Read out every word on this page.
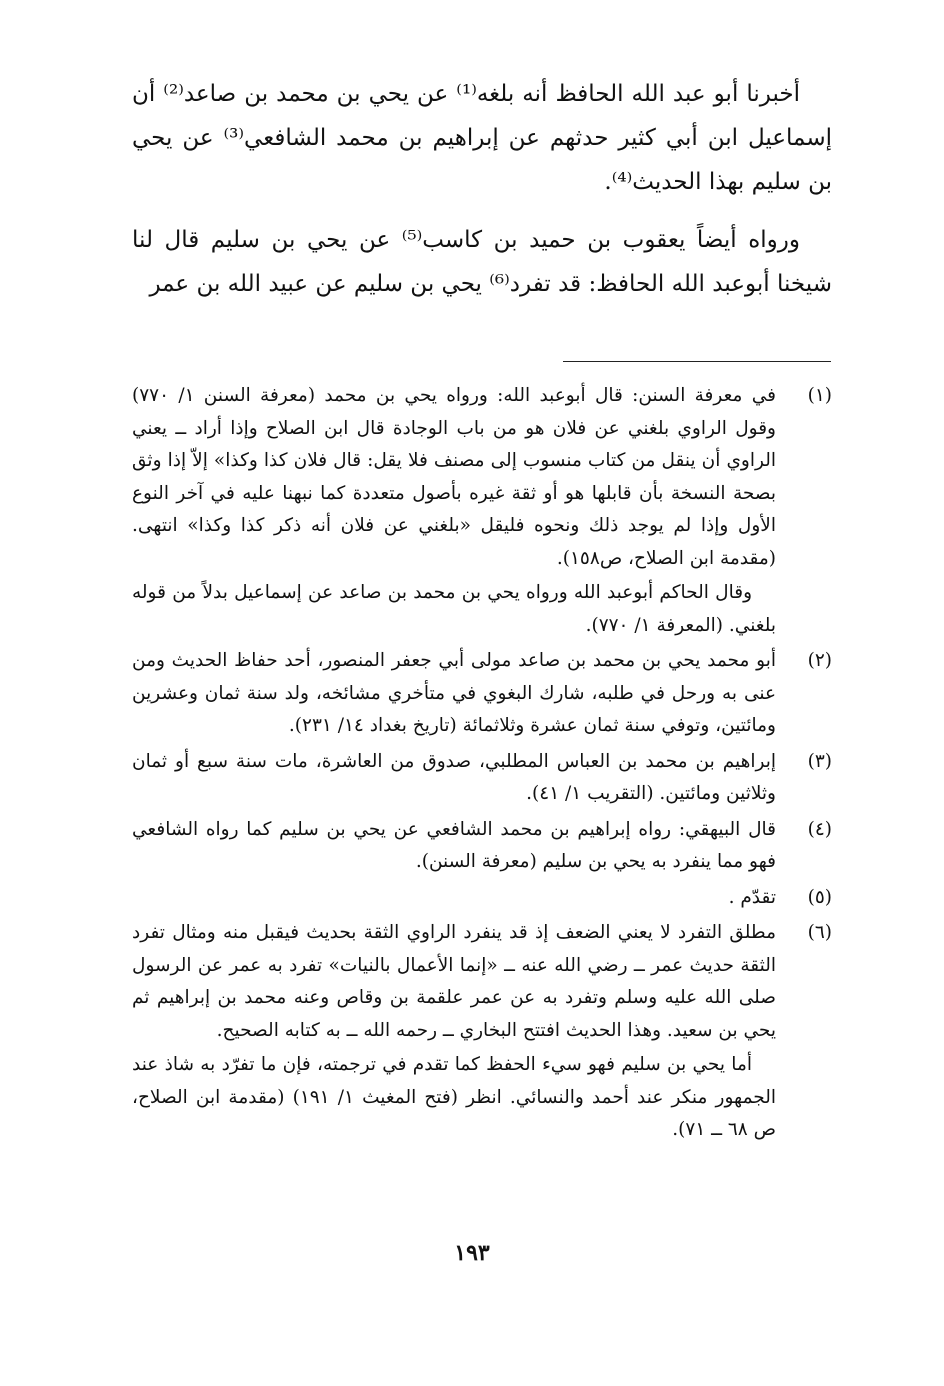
أخبرنا أبو عبد الله الحافظ أنه بلغه⁽¹⁾ عن يحي بن محمد بن صاعد⁽²⁾ أن إسماعيل ابن أبي كثير حدثهم عن إبراهيم بن محمد الشافعي⁽³⁾ عن يحي بن سليم بهذا الحديث⁽⁴⁾.

ورواه أيضاً يعقوب بن حميد بن كاسب⁽⁵⁾ عن يحي بن سليم قال لنا شيخنا أبوعبد الله الحافظ: قد تفرد⁽⁶⁾ يحي بن سليم عن عبيد الله بن عمر

(١)

في معرفة السنن: قال أبوعبد الله: ورواه يحي بن محمد (معرفة السنن ١/ ٧٧٠) وقول الراوي بلغني عن فلان هو من باب الوجادة قال ابن الصلاح وإذا أراد ــ يعني الراوي أن ينقل من كتاب منسوب إلى مصنف فلا يقل: قال فلان كذا وكذا» إلاّ إذا وثق بصحة النسخة بأن قابلها هو أو ثقة غيره بأصول متعددة كما نبهنا عليه في آخر النوع الأول وإذا لم يوجد ذلك ونحوه فليقل «بلغني عن فلان أنه ذكر كذا وكذا» انتهى. (مقدمة ابن الصلاح، ص١٥٨).

وقال الحاكم أبوعبد الله ورواه يحي بن محمد بن صاعد عن إسماعيل بدلاً من قوله بلغني. (المعرفة ١/ ٧٧٠).

(٢)

أبو محمد يحي بن محمد بن صاعد مولى أبي جعفر المنصور، أحد حفاظ الحديث ومن عنى به ورحل في طلبه، شارك البغوي في متأخري مشائخه، ولد سنة ثمان وعشرين ومائتين، وتوفي سنة ثمان عشرة وثلاثمائة (تاريخ بغداد ١٤/ ٢٣١).

(٣)

إبراهيم بن محمد بن العباس المطلبي، صدوق من العاشرة، مات سنة سبع أو ثمان وثلاثين ومائتين. (التقريب ١/ ٤١).

(٤)

قال البيهقي: رواه إبراهيم بن محمد الشافعي عن يحي بن سليم كما رواه الشافعي فهو مما ينفرد به يحي بن سليم (معرفة السنن).

(٥)

تقدّم .

(٦)

مطلق التفرد لا يعني الضعف إذ قد ينفرد الراوي الثقة بحديث فيقبل منه ومثال تفرد الثقة حديث عمر ــ رضي الله عنه ــ «إنما الأعمال بالنيات» تفرد به عمر عن الرسول صلى الله عليه وسلم وتفرد به عن عمر علقمة بن وقاص وعنه محمد بن إبراهيم ثم يحي بن سعيد. وهذا الحديث افتتح البخاري ــ رحمه الله ــ به كتابه الصحيح.

أما يحي بن سليم فهو سيء الحفظ كما تقدم في ترجمته، فإن ما تفرّد به شاذ عند الجمهور منكر عند أحمد والنسائي. انظر (فتح المغيث ١/ ١٩١) (مقدمة ابن الصلاح، ص ٦٨ ــ ٧١).

١٩٣
